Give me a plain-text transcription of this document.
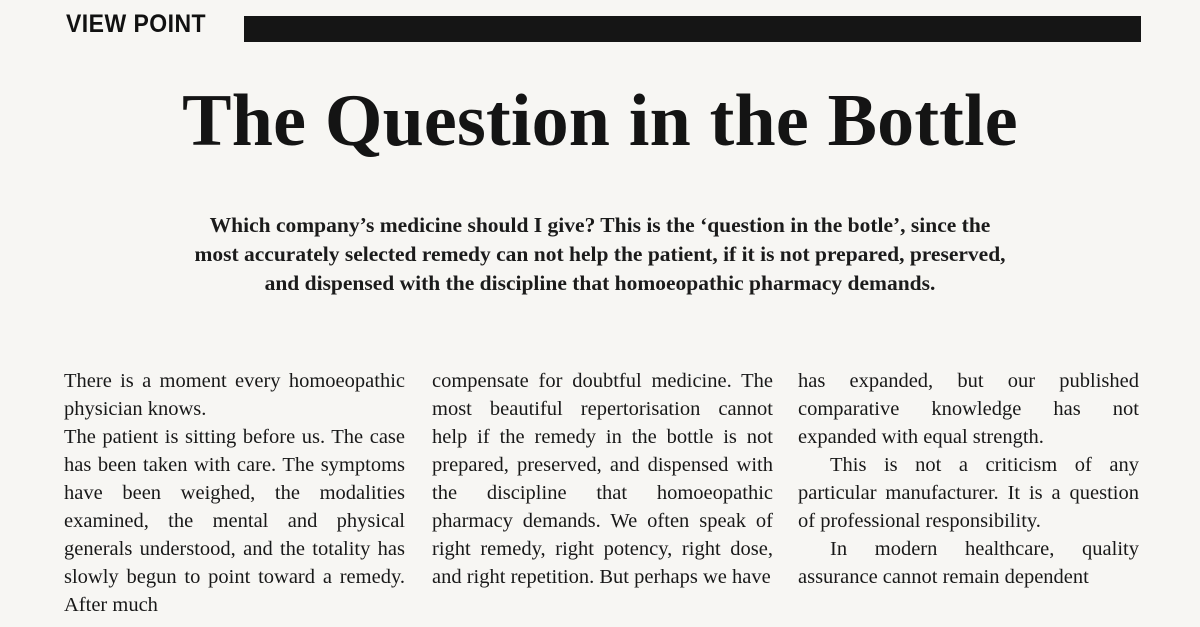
VIEW POINT
The Question in the Bottle

Which company’s medicine should I give? This is the ‘question in the botle’, since the most accurately selected remedy can not help the patient, if it is not prepared, preserved, and dispensed with the discipline that homoeopathic pharmacy demands.

There is a moment every homoeopathic physician knows.

The patient is sitting before us. The case has been taken with care. The symptoms have been weighed, the modalities examined, the mental and physical generals understood, and the totality has slowly begun to point toward a remedy. After much

compensate for doubtful medicine. The most beautiful repertorisation cannot help if the remedy in the bottle is not prepared, preserved, and dispensed with the discipline that homoeopathic pharmacy demands. We often speak of right remedy, right potency, right dose, and right repetition. But perhaps we have

has expanded, but our published comparative knowledge has not expanded with equal strength.

This is not a criticism of any particular manufacturer. It is a question of professional responsibility.

In modern healthcare, quality assurance cannot remain dependent
